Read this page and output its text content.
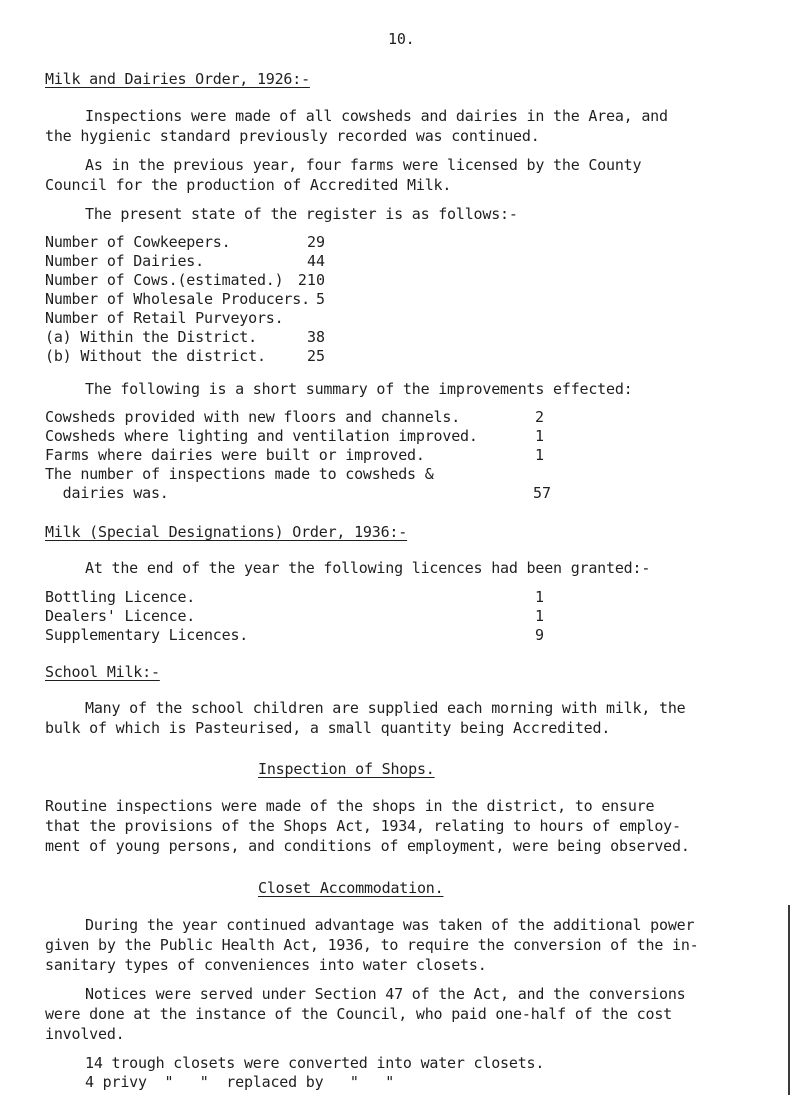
10.
Milk and Dairies Order, 1926:-
Inspections were made of all cowsheds and dairies in the Area, and
the hygienic standard previously recorded was continued.
As in the previous year, four farms were licensed by the County
Council for the production of Accredited Milk.
The present state of the register is as follows:-
Number of Cowkeepers.	29
Number of Dairies.	44
Number of Cows.(estimated.) 210
Number of Wholesale Producers. 5
Number of Retail Purveyors.
(a) Within the District.	38
(b) Without the district.	25
The following is a short summary of the improvements effected:
Cowsheds provided with new floors and channels.	2
Cowsheds where lighting and ventilation improved.	1
Farms where dairies were built or improved.	1
The number of inspections made to cowsheds &
dairies was.	57
Milk (Special Designations) Order, 1936:-
At the end of the year the following licences had been granted:-
Bottling Licence.	1
Dealers' Licence.	1
Supplementary Licences.	9
School Milk:-
Many of the school children are supplied each morning with milk, the
bulk of which is Pasteurised, a small quantity being Accredited.
Inspection of Shops.
Routine inspections were made of the shops in the district, to ensure
that the provisions of the Shops Act, 1934, relating to hours of employ-
ment of young persons, and conditions of employment, were being observed.
Closet Accommodation.
During the year continued advantage was taken of the additional power
given by the Public Health Act, 1936, to require the conversion of the in-
sanitary types of conveniences into water closets.
Notices were served under Section 47 of the Act, and the conversions
were done at the instance of the Council, who paid one-half of the cost
involved.
14 trough closets were converted into water closets.
4 privy  "   "  replaced by   "   "
